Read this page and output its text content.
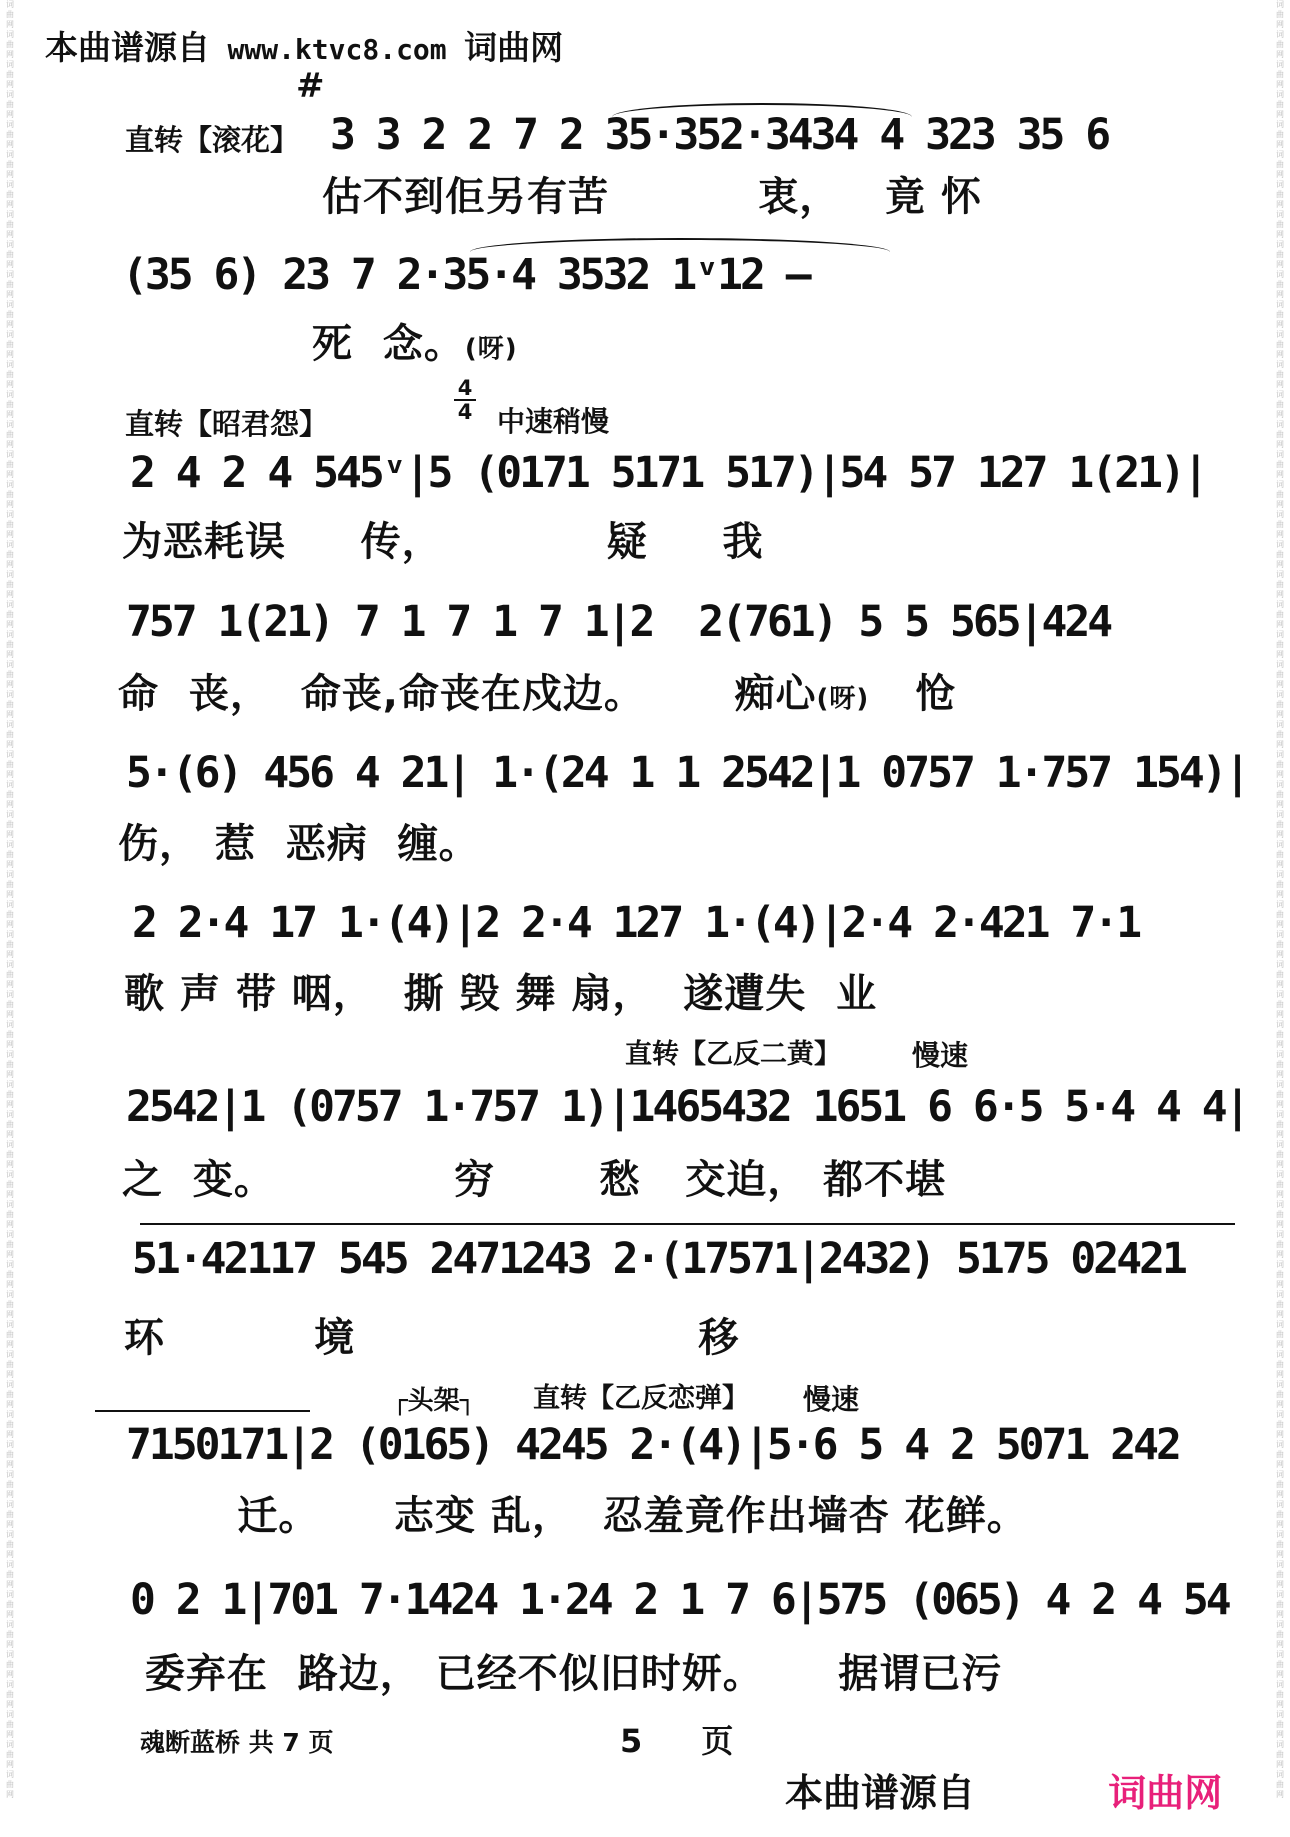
词
曲
网
词
曲
网
词
曲
网
词
曲
网
词
曲
网
词
曲
网
词
曲
网
词
曲
网
词
曲
网
词
曲
网
词
曲
网
词
曲
网
词
曲
网
词
曲
网
词
曲
网
词
曲
网
词
曲
网
词
曲
网
词
曲
网
词
曲
网
词
曲
网
词
曲
网
词
曲
网
词
曲
网
词
曲
网
词
曲
网
词
曲
网
词
曲
网
词
曲
网
词
曲
网
词
曲
网
词
曲
网
词
曲
网
词
曲
网
词
曲
网
词
曲
网
词
曲
网
词
曲
网
词
曲
网
词
曲
网
词
曲
网
词
曲
网
词
曲
网
词
曲
网
词
曲
网
词
曲
网
词
曲
网
词
曲
网
词
曲
网
词
曲
网
词
曲
网
词
曲
网
词
曲
网
词
曲
网
词
曲
网
词
曲
网
词
曲
网
词
曲
网
词
曲
网
词
曲
网
词
曲
网
词
曲
网
词
曲
网
词
曲
网
词
曲
网
词
曲
网
词
曲
网
词
曲
网
词
曲
网
词
曲
网
词
曲
网
词
曲
网
词
曲
网
词
曲
网
词
曲
网
词
曲
网
词
曲
网
词
曲
网
词
曲
网
词
曲
网
词
曲
网
词
曲
网
词
曲
网
词
曲
网
词
曲
网
词
曲
网
词
曲
网
词
曲
网
词
曲
网
词
曲
网
词
曲
网
词
曲
网
词
曲
网
词
曲
网
词
曲
网
词
曲
网
词
曲
网
词
曲
网
词
曲
网
词
曲
网
词
曲
网
词
曲
网
词
曲
网
词
曲
网
词
曲
网
词
曲
网
词
曲
网
词
曲
网
词
曲
网
词
曲
网
词
曲
网
词
曲
网
词
曲
网
词
曲
网
词
曲
网
词
曲
网
词
曲
网
词
曲
网
词
曲
网
词
曲
网
本曲谱源自 www.ktvc8.com 词曲网
#
直转【滚花】 3 3 2 2 7 2 35·352·3434 4 323 35 6
估不到佢另有苦          衷，   竟 怀
(35 6) 23 7 2·35·4 3532 1ᵛ12 —
死  念。(呀)
直转【昭君怨】
4
4 中速稍慢
2 4 2 4 545ᵛ|5 (0171 5171 517)|54 57 127 1(21)|
为恶耗误     传，           疑     我
757 1(21) 7 1 7 1 7 1|2  2(761) 5 5 565|424
命  丧，  命丧,命丧在戍边。      痴心(呀) 怆
5·(6) 456 4 21| 1·(24 1 1 2542|1 0757 1·757 154)|
伤， 惹  恶病  缠。
2 2·4 17 1·(4)|2 2·4 127 1·(4)|2·4 2·421 7·1
歌 声 带 咽，  撕 毁 舞 扇，  遂遭失  业
直转【乙反二黄】	慢速
2542|1 (0757 1·757 1)|1465432 1651 6 6·5 5·4 4 4|
之  变。            穷       愁   交迫， 都不堪
51·42117 545 2471243 2·(17571|2432) 5175 02421
环          境                       移
┌头架┐ 直转【乙反恋弹】 慢速
7150171|2 (0165) 4245 2·(4)|5·6 5 4 2 5071 242
迁。     志变 乱，  忍羞竟作出墙杏 花鲜。
0 2 1|701 7·1424 1·24 2 1 7 6|575 (065) 4 2 4 54
委弃在  路边， 已经不似旧时妍。     据谓已污
魂断蓝桥 共 7 页	5 页
本曲谱源自	词曲网
